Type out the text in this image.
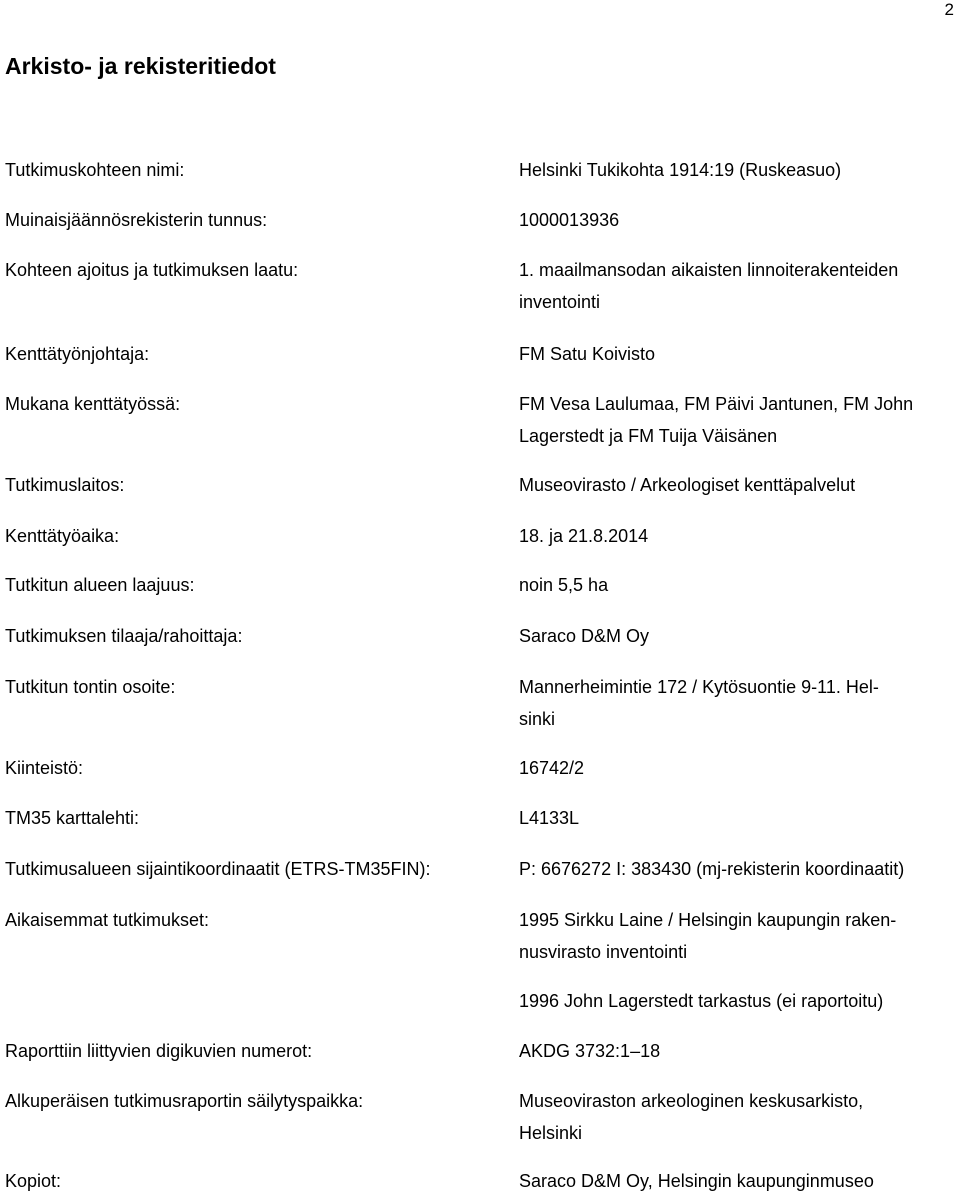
2
Arkisto- ja rekisteritiedot
Tutkimuskohteen nimi:	Helsinki Tukikohta 1914:19 (Ruskeasuo)
Muinaisjäännösrekisterin tunnus:	1000013936
Kohteen ajoitus ja tutkimuksen laatu:	1. maailmansodan aikaisten linnoiterakenteiden
inventointi
Kenttätyönjohtaja:	FM Satu Koivisto
Mukana kenttätyössä:	FM Vesa Laulumaa, FM Päivi Jantunen, FM John
Lagerstedt ja FM Tuija Väisänen
Tutkimuslaitos:	Museovirasto / Arkeologiset kenttäpalvelut
Kenttätyöaika:	18. ja 21.8.2014
Tutkitun alueen laajuus:	noin 5,5 ha
Tutkimuksen tilaaja/rahoittaja:	Saraco D&M Oy
Tutkitun tontin osoite:	Mannerheimintie 172 / Kytösuontie 9-11. Hel-
sinki
Kiinteistö:	16742/2
TM35 karttalehti:	L4133L
Tutkimusalueen sijaintikoordinaatit (ETRS-TM35FIN):	P: 6676272 I: 383430 (mj-rekisterin koordinaatit)
Aikaisemmat tutkimukset:	1995 Sirkku Laine / Helsingin kaupungin raken-
nusvirasto inventointi
1996 John Lagerstedt tarkastus (ei raportoitu)
Raporttiin liittyvien digikuvien numerot:	AKDG 3732:1–18
Alkuperäisen tutkimusraportin säilytyspaikka:	Museoviraston arkeologinen keskusarkisto,
Helsinki
Kopiot:	Saraco D&M Oy, Helsingin kaupunginmuseo
